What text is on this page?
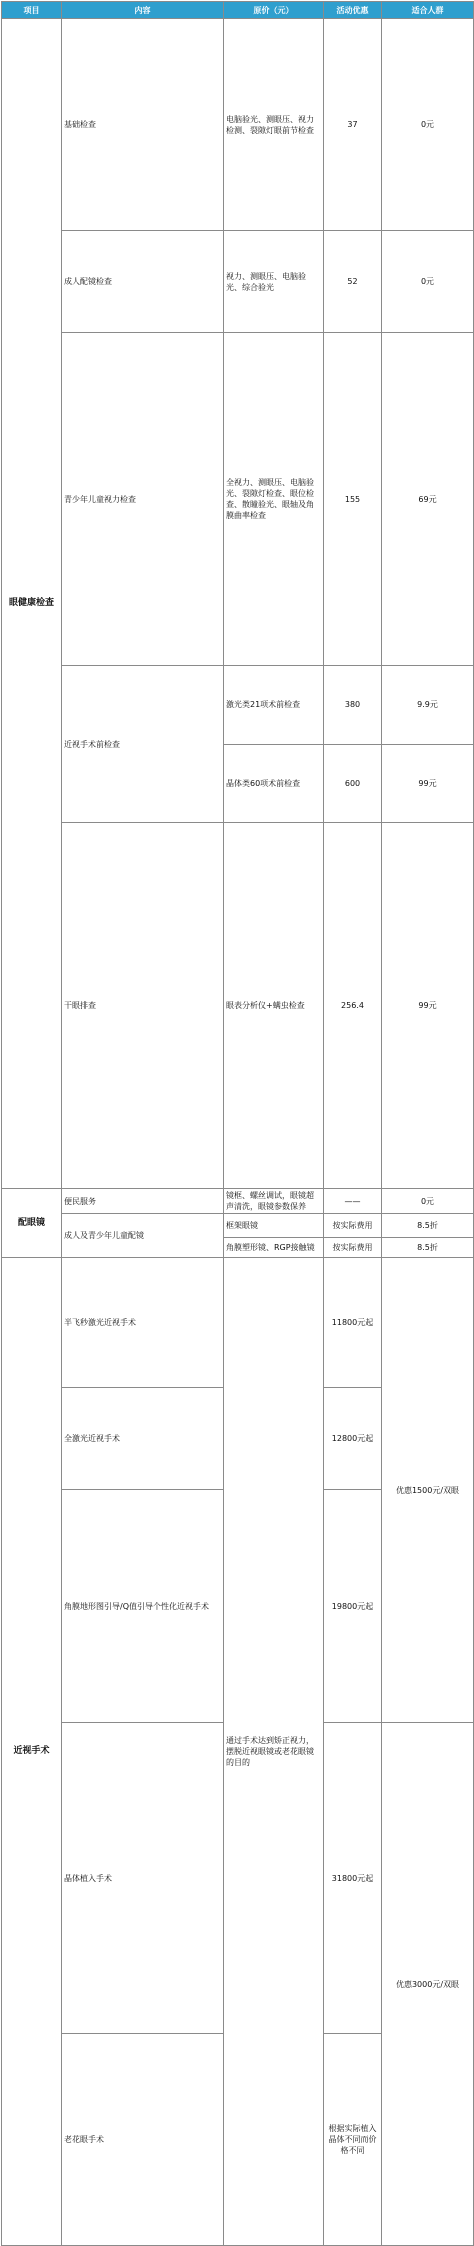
项目	内容	原价（元）	活动优惠	适合人群	
眼健康检查	基础检查	电脑验光、测眼压、视力检测、裂隙灯眼前节检查	37	0元	
	成人配镜检查	视力、测眼压、电脑验光、综合验光	52	0元	
	青少年儿童视力检查	全视力、测眼压、电脑验光、裂隙灯检查、眼位检查、散瞳验光、眼轴及角膜曲率检查	155	69元	
	近视手术前检查	激光类21项术前检查	380	9.9元	
		晶体类60项术前检查	600	99元	
	干眼排查	眼表分析仪+螨虫检查	256.4	99元	

配眼镜	便民服务	镜框、螺丝调试，眼镜超声清洗，眼镜参数保养	——	0元	
	成人及青少年儿童配镜	框架眼镜	按实际费用	8.5折	
		角膜塑形镜、RGP接触镜	按实际费用	8.5折	
近视手术	半飞秒激光近视手术	通过手术达到矫正视力，摆脱近视眼镜或老花眼镜的目的	11800元起	优惠1500元/双眼	
	全激光近视手术		12800元起		
	角膜地形图引导/Q值引导个性化近视手术		19800元起		
	晶体植入手术		31800元起	优惠3000元/双眼	
	老花眼手术		根据实际植入晶体不同而价格不同	
